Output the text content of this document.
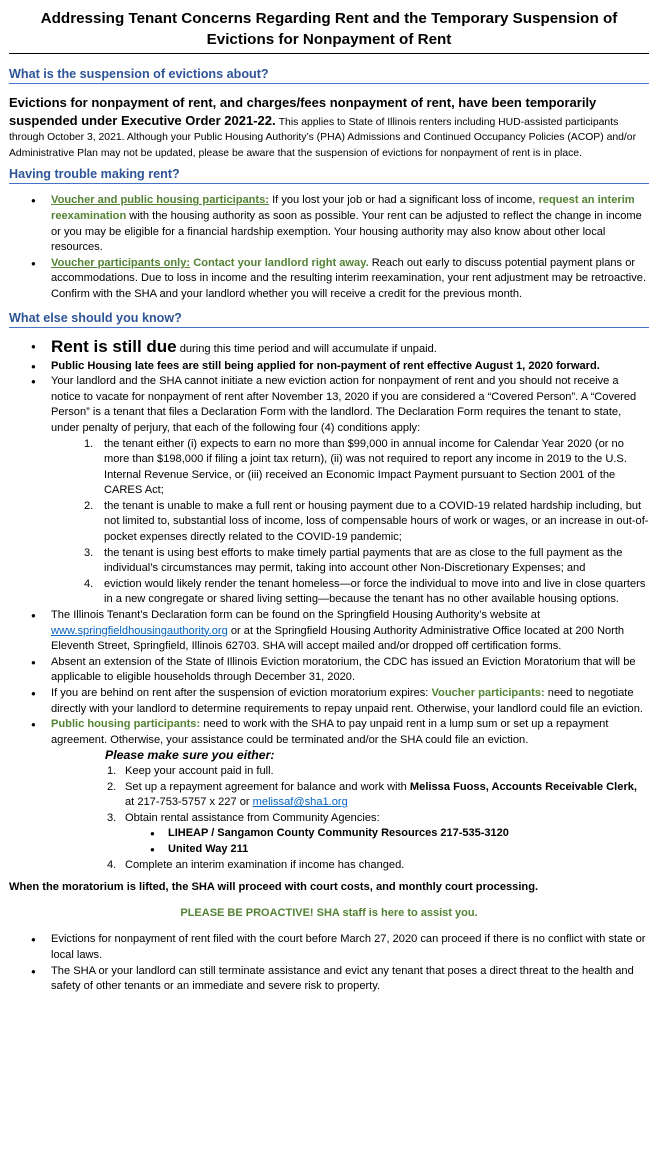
Addressing Tenant Concerns Regarding Rent and the Temporary Suspension of Evictions for Nonpayment of Rent
What is the suspension of evictions about?

Evictions for nonpayment of rent, and charges/fees nonpayment of rent, have been temporarily suspended under Executive Order 2021-22. This applies to State of Illinois renters including HUD-assisted participants through October 3, 2021. Although your Public Housing Authority’s (PHA) Admissions and Continued Occupancy Policies (ACOP) and/or Administrative Plan may not be updated, please be aware that the suspension of evictions for nonpayment of rent is in place.

Having trouble making rent?
● Voucher and public housing participants: If you lost your job or had a significant loss of income, request an interim reexamination with the housing authority as soon as possible. Your rent can be adjusted to reflect the change in income or you may be eligible for a financial hardship exemption. Your housing authority may also know about other local resources.
● Voucher participants only: Contact your landlord right away. Reach out early to discuss potential payment plans or accommodations. Due to loss in income and the resulting interim reexamination, your rent adjustment may be retroactive. Confirm with the SHA and your landlord whether you will receive a credit for the previous month.
What else should you know?
● Rent is still due during this time period and will accumulate if unpaid.
● Public Housing late fees are still being applied for non-payment of rent effective August 1, 2020 forward.
● Your landlord and the SHA cannot initiate a new eviction action for nonpayment of rent and you should not receive a notice to vacate for nonpayment of rent after November 13, 2020 if you are considered a “Covered Person”. A “Covered Person” is a tenant that files a Declaration Form with the landlord. The Declaration Form requires the tenant to state, under penalty of perjury, that each of the following four (4) conditions apply:
1. the tenant either (i) expects to earn no more than $99,000 in annual income for Calendar Year 2020 (or no more than $198,000 if filing a joint tax return), (ii) was not required to report any income in 2019 to the U.S. Internal Revenue Service, or (iii) received an Economic Impact Payment pursuant to Section 2001 of the CARES Act;
2. the tenant is unable to make a full rent or housing payment due to a COVID-19 related hardship including, but not limited to, substantial loss of income, loss of compensable hours of work or wages, or an increase in out-of-pocket expenses directly related to the COVID-19 pandemic;
3. the tenant is using best efforts to make timely partial payments that are as close to the full payment as the individual’s circumstances may permit, taking into account other Non-Discretionary Expenses; and
4. eviction would likely render the tenant homeless—or force the individual to move into and live in close quarters in a new congregate or shared living setting—because the tenant has no other available housing options.
● The Illinois Tenant’s Declaration form can be found on the Springfield Housing Authority’s website at www.springfieldhousingauthority.org or at the Springfield Housing Authority Administrative Office located at 200 North Eleventh Street, Springfield, Illinois 62703. SHA will accept mailed and/or dropped off certification forms.
● Absent an extension of the State of Illinois Eviction moratorium, the CDC has issued an Eviction Moratorium that will be applicable to eligible households through December 31, 2020.
● If you are behind on rent after the suspension of eviction moratorium expires: Voucher participants: need to negotiate directly with your landlord to determine requirements to repay unpaid rent. Otherwise, your landlord could file an eviction.
● Public housing participants: need to work with the SHA to pay unpaid rent in a lump sum or set up a repayment agreement. Otherwise, your assistance could be terminated and/or the SHA could file an eviction.

Please make sure you either:

1. Keep your account paid in full.
2. Set up a repayment agreement for balance and work with Melissa Fuoss, Accounts Receivable Clerk, at 217-753-5757 x 227 or melissaf@sha1.org
3. Obtain rental assistance from Community Agencies:
● LIHEAP / Sangamon County Community Resources 217-535-3120
● United Way 211
4. Complete an interim examination if income has changed.

When the moratorium is lifted, the SHA will proceed with court costs, and monthly court processing.

PLEASE BE PROACTIVE! SHA staff is here to assist you.

● Evictions for nonpayment of rent filed with the court before March 27, 2020 can proceed if there is no conflict with state or local laws.
● The SHA or your landlord can still terminate assistance and evict any tenant that poses a direct threat to the health and safety of other tenants or an immediate and severe risk to property.
